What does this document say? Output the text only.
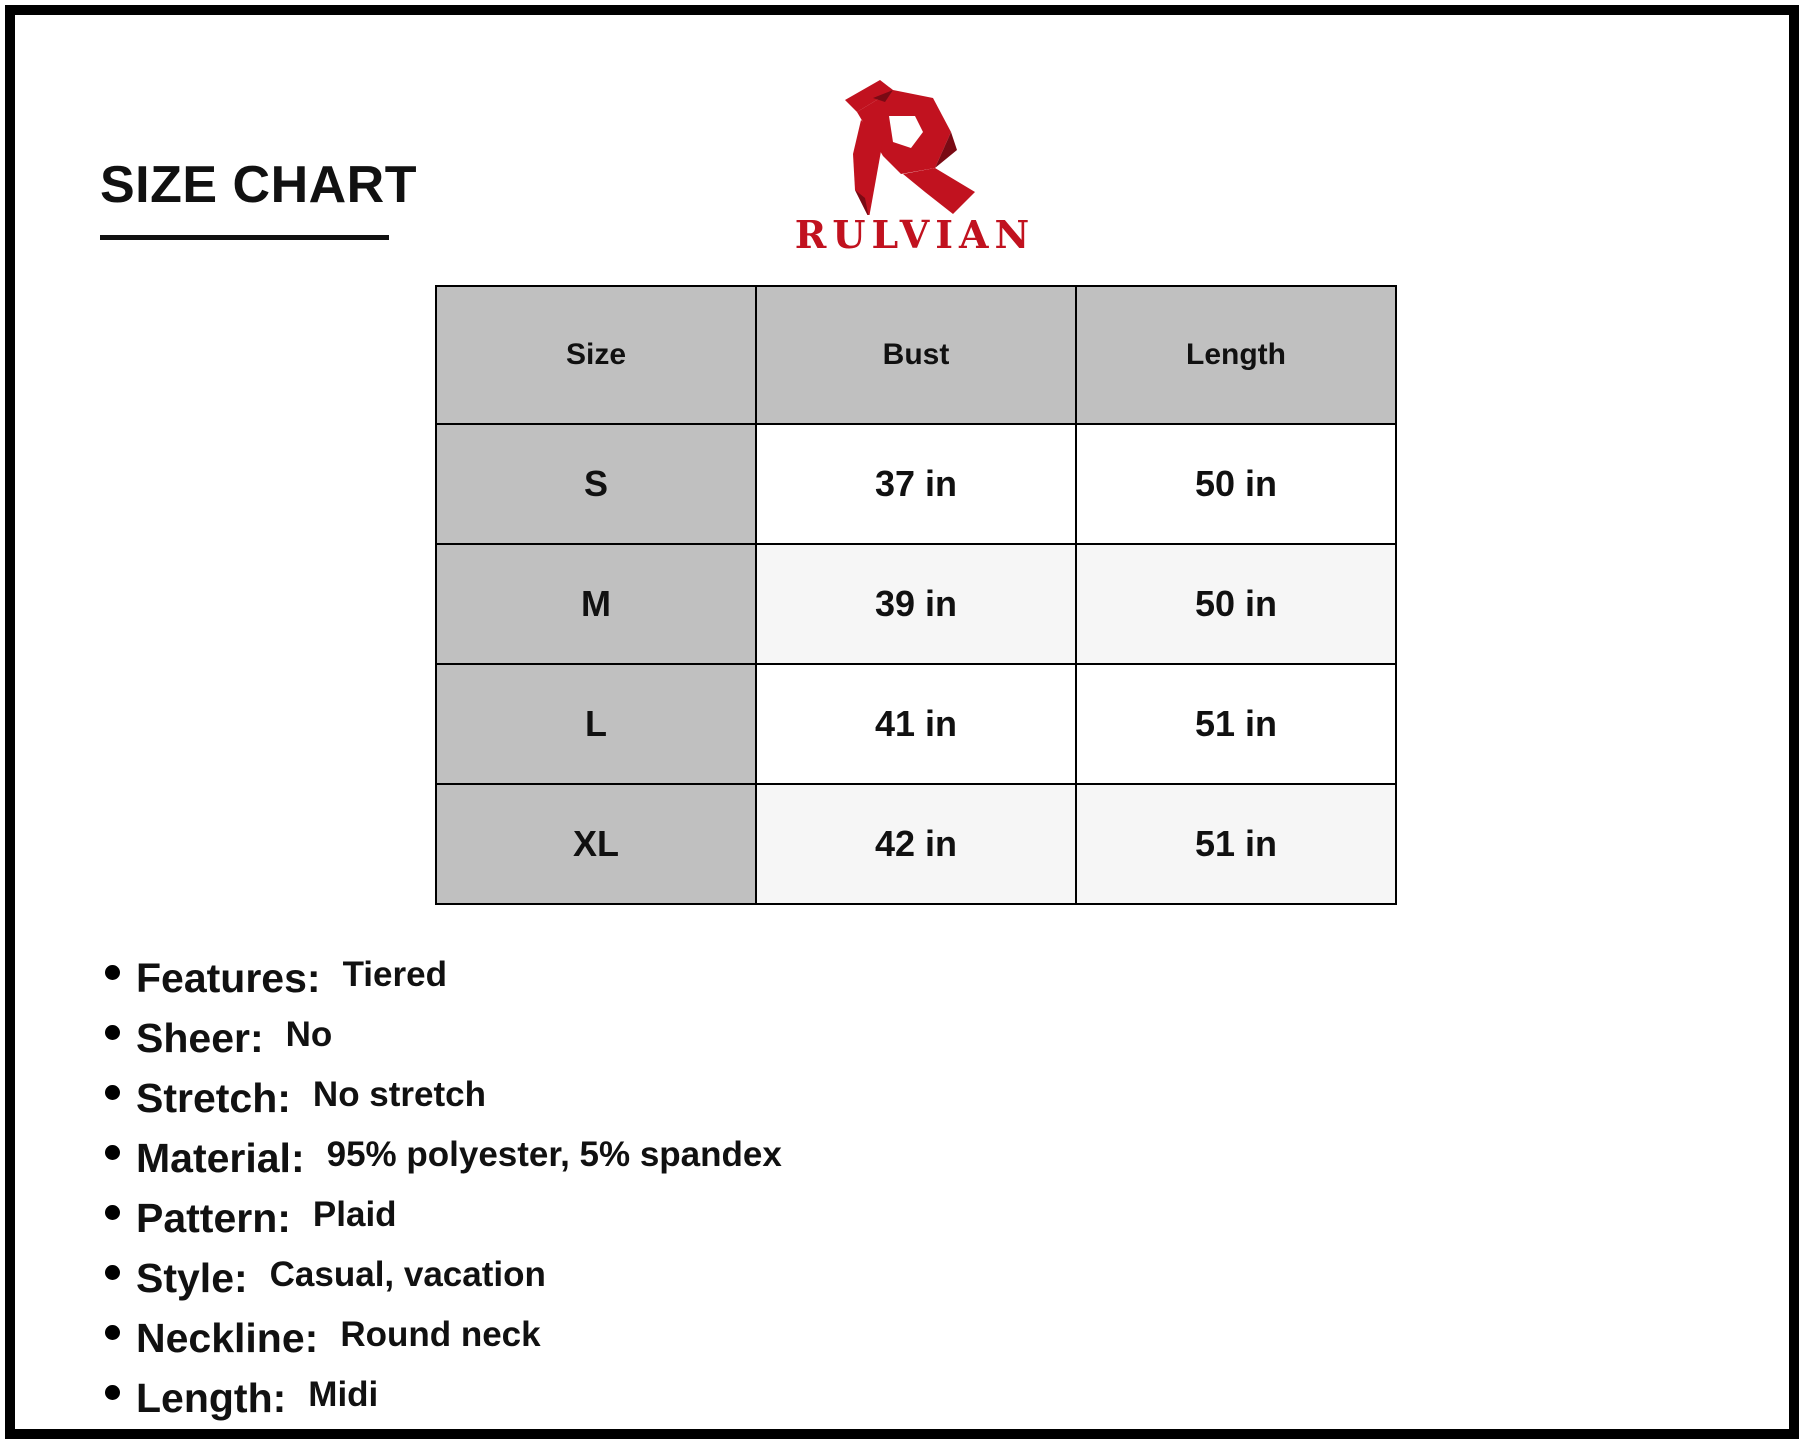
SIZE CHART
RULVIAN
Size	Bust	Length
S	37 in	50 in
M	39 in	50 in
L	41 in	51 in
XL	42 in	51 in
Features: Tiered
Sheer: No
Stretch: No stretch
Material: 95% polyester, 5% spandex
Pattern: Plaid
Style: Casual, vacation
Neckline: Round neck
Length: Midi
